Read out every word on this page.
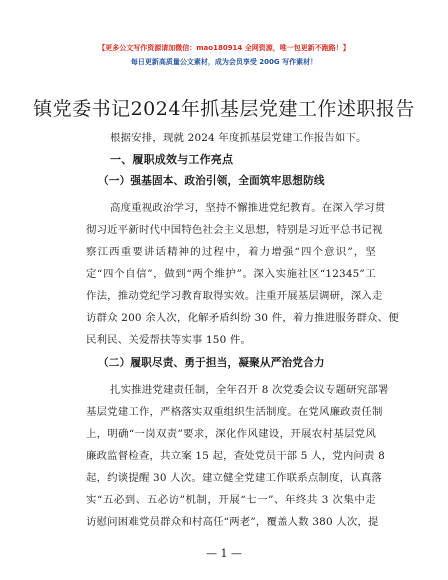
【更多公文写作资源请加微信：mao180914 全网资源，唯一包更新不跑路！】
每日更新高质量公文素材，成为会员享受 200G 写作素材！
镇党委书记2024年抓基层党建工作述职报告
根据安排，现就 2024 年度抓基层党建工作报告如下。
一、履职成效与工作亮点
（一）强基固本、政治引领，全面筑牢思想防线
高度重视政治学习，坚持不懈推进党纪教育。在深入学习贯
彻习近平新时代中国特色社会主义思想，特别是习近平总书记视
察江西重要讲话精神的过程中，着力增强“四个意识”，坚
定“四个自信”，做到“两个维护”。深入实施社区“12345”工
作法，推动党纪学习教育取得实效。注重开展基层调研，深入走
访群众 200 余人次，化解矛盾纠纷 30 件，着力推进服务群众、便
民利民、关爱帮扶等实事 150 件。
（二）履职尽责、勇于担当，凝聚从严治党合力
扎实推进党建责任制，全年召开 8 次党委会议专题研究部署
基层党建工作，严格落实双重组织生活制度。在党风廉政责任制
上，明确“一岗双责”要求，深化作风建设，开展农村基层党风
廉政监督检查，共立案 15 起，查处党员干部 5 人，党内问责 8
起，约谈提醒 30 人次。建立健全党建工作联系点制度，认真落
实“五必到、五必访”机制，开展“七一”、年终共 3 次集中走
访慰问困难党员群众和村高任“两老”，覆盖人数 380 人次，提
— 1 —
